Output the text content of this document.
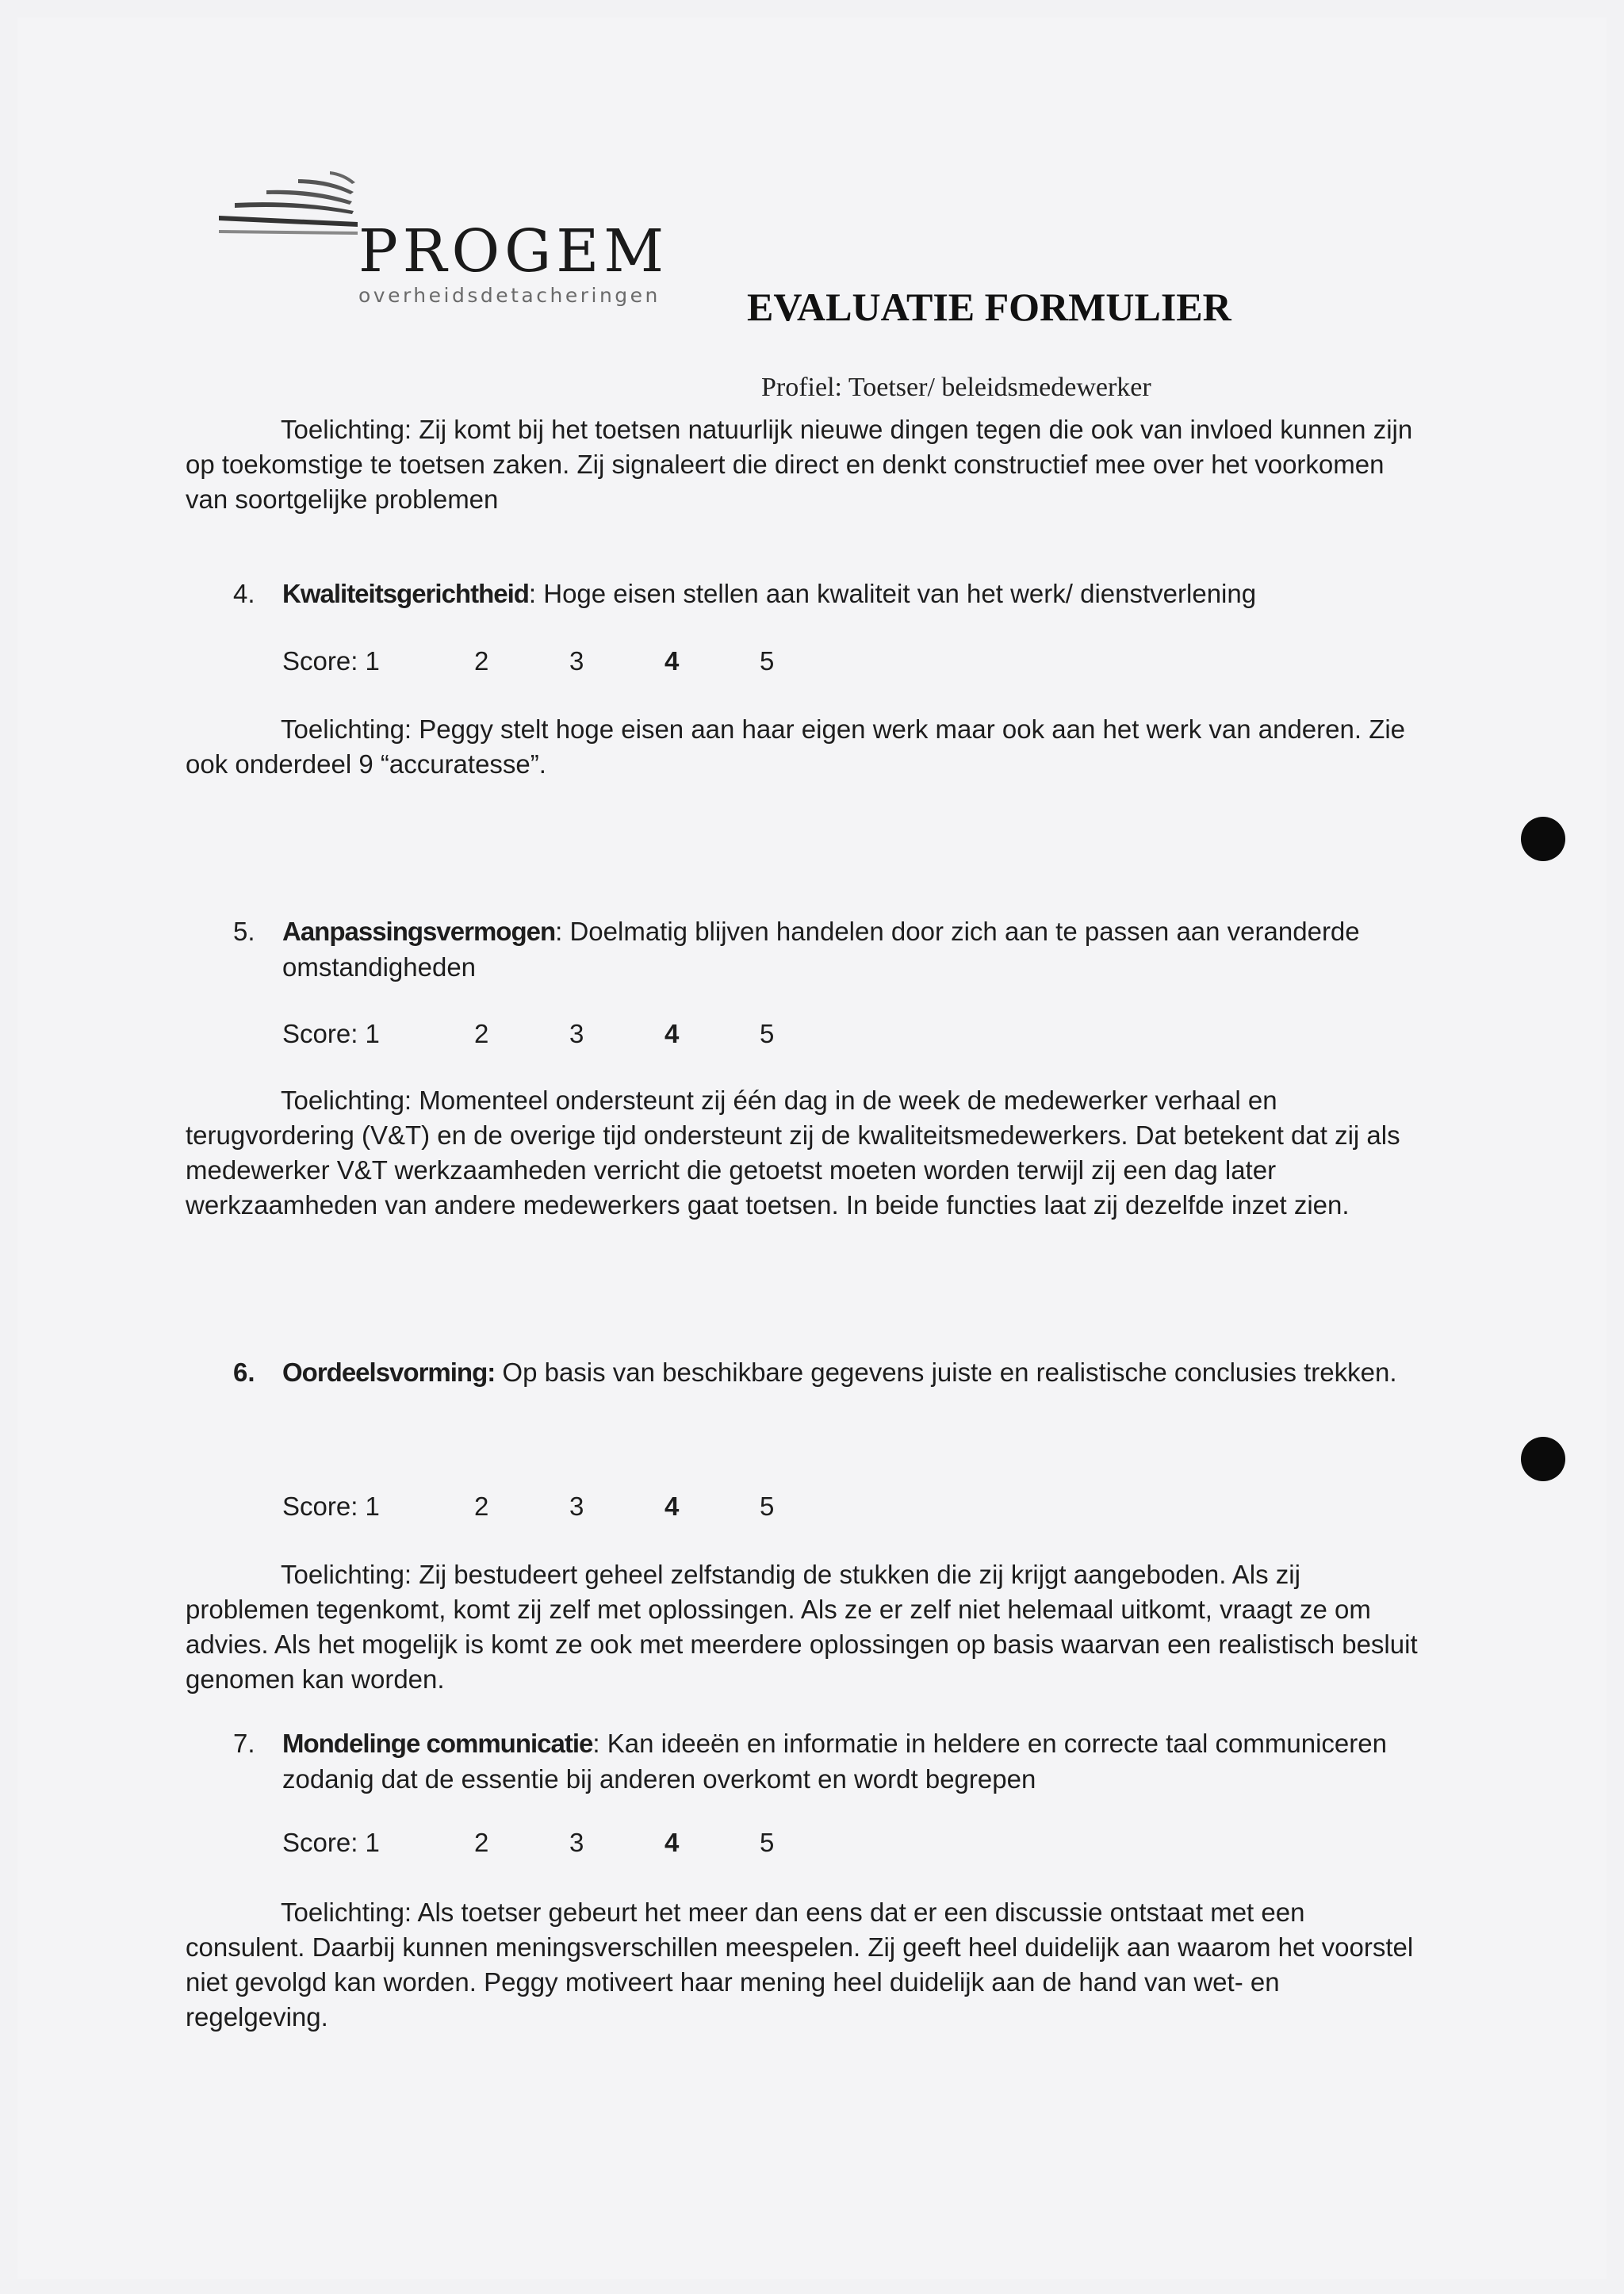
PROGEM
overheidsdetacheringen EVALUATIE FORMULIER
Profiel: Toetser/ beleidsmedewerker

Toelichting: Zij komt bij het toetsen natuurlijk nieuwe dingen tegen die ook van invloed kunnen zijn op toekomstige te toetsen zaken. Zij signaleert die direct en denkt constructief mee over het voorkomen van soortgelijke problemen

4. Kwaliteitsgerichtheid: Hoge eisen stellen aan kwaliteit van het werk/ dienstverlening
Score: 1	2	3	4	5

Toelichting: Peggy stelt hoge eisen aan haar eigen werk maar ook aan het werk van anderen. Zie ook onderdeel 9 “accuratesse”.

5. Aanpassingsvermogen: Doelmatig blijven handelen door zich aan te passen aan veranderde omstandigheden
Score: 1	2	3	4	5

Toelichting: Momenteel ondersteunt zij één dag in de week de medewerker verhaal en terugvordering (V&T) en de overige tijd ondersteunt zij de kwaliteitsmedewerkers. Dat betekent dat zij als medewerker V&T werkzaamheden verricht die getoetst moeten worden terwijl zij een dag later werkzaamheden van andere medewerkers gaat toetsen. In beide functies laat zij dezelfde inzet zien.

6. Oordeelsvorming: Op basis van beschikbare gegevens juiste en realistische conclusies trekken.
Score: 1	2	3	4	5

Toelichting: Zij bestudeert geheel zelfstandig de stukken die zij krijgt aangeboden. Als zij problemen tegenkomt, komt zij zelf met oplossingen. Als ze er zelf niet helemaal uitkomt, vraagt ze om advies. Als het mogelijk is komt ze ook met meerdere oplossingen op basis waarvan een realistisch besluit genomen kan worden.

7. Mondelinge communicatie: Kan ideeën en informatie in heldere en correcte taal communiceren zodanig dat de essentie bij anderen overkomt en wordt begrepen
Score: 1	2	3	4	5

Toelichting: Als toetser gebeurt het meer dan eens dat er een discussie ontstaat met een consulent. Daarbij kunnen meningsverschillen meespelen. Zij geeft heel duidelijk aan waarom het voorstel niet gevolgd kan worden. Peggy motiveert haar mening heel duidelijk aan de hand van wet- en regelgeving.
